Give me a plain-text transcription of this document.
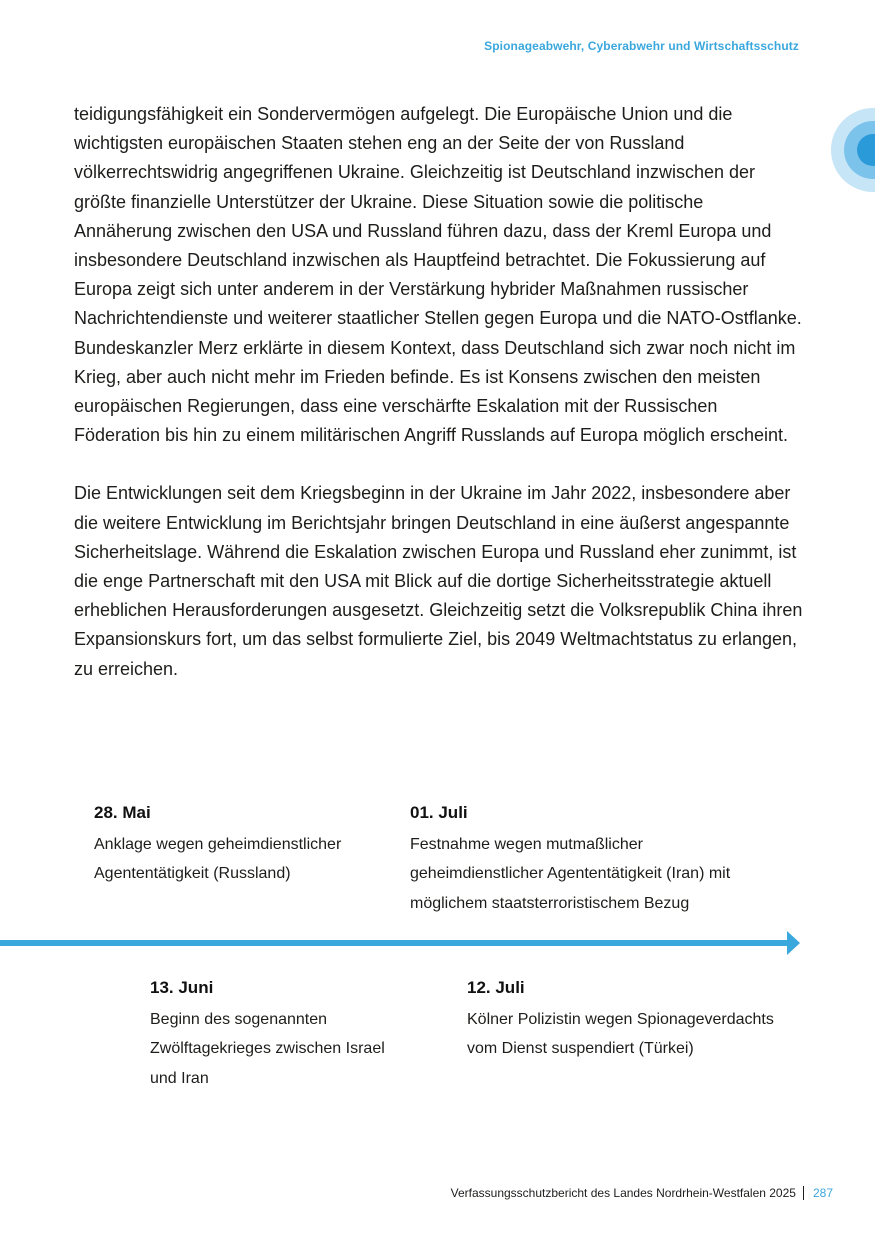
Spionageabwehr, Cyberabwehr und Wirtschaftsschutz

teidigungsfähigkeit ein Sondervermögen aufgelegt. Die Europäische Union und die wichtigsten europäischen Staaten stehen eng an der Seite der von Russland völkerrechtswidrig angegriffenen Ukraine. Gleichzeitig ist Deutschland inzwischen der größte finanzielle Unterstützer der Ukraine. Diese Situation sowie die politische Annäherung zwischen den USA und Russland führen dazu, dass der Kreml Europa und insbesondere Deutschland inzwischen als Hauptfeind betrachtet. Die Fokussierung auf Europa zeigt sich unter anderem in der Verstärkung hybrider Maßnahmen russischer Nachrichtendienste und weiterer staatlicher Stellen gegen Europa und die NATO-Ostflanke. Bundeskanzler Merz erklärte in diesem Kontext, dass Deutschland sich zwar noch nicht im Krieg, aber auch nicht mehr im Frieden befinde. Es ist Konsens zwischen den meisten europäischen Regierungen, dass eine verschärfte Eskalation mit der Russischen Föderation bis hin zu einem militärischen Angriff Russlands auf Europa möglich erscheint.

Die Entwicklungen seit dem Kriegsbeginn in der Ukraine im Jahr 2022, insbesondere aber die weitere Entwicklung im Berichtsjahr bringen Deutschland in eine äußerst angespannte Sicherheitslage. Während die Eskalation zwischen Europa und Russland eher zunimmt, ist die enge Partnerschaft mit den USA mit Blick auf die dortige Sicherheitsstrategie aktuell erheblichen Herausforderungen ausgesetzt. Gleichzeitig setzt die Volksrepublik China ihren Expansionskurs fort, um das selbst formulierte Ziel, bis 2049 Weltmachtstatus zu erlangen, zu erreichen.

28. Mai
Anklage wegen geheimdienstlicher Agententätigkeit (Russland)
01. Juli
Festnahme wegen mutmaßlicher geheimdienstlicher Agententätigkeit (Iran) mit möglichem staatsterroristischem Bezug
13. Juni
Beginn des sogenannten Zwölftagekrieges zwischen Israel und Iran
12. Juli
Kölner Polizistin wegen Spionageverdachts vom Dienst suspendiert (Türkei)
Verfassungsschutzbericht des Landes Nordrhein-Westfalen 2025 287
